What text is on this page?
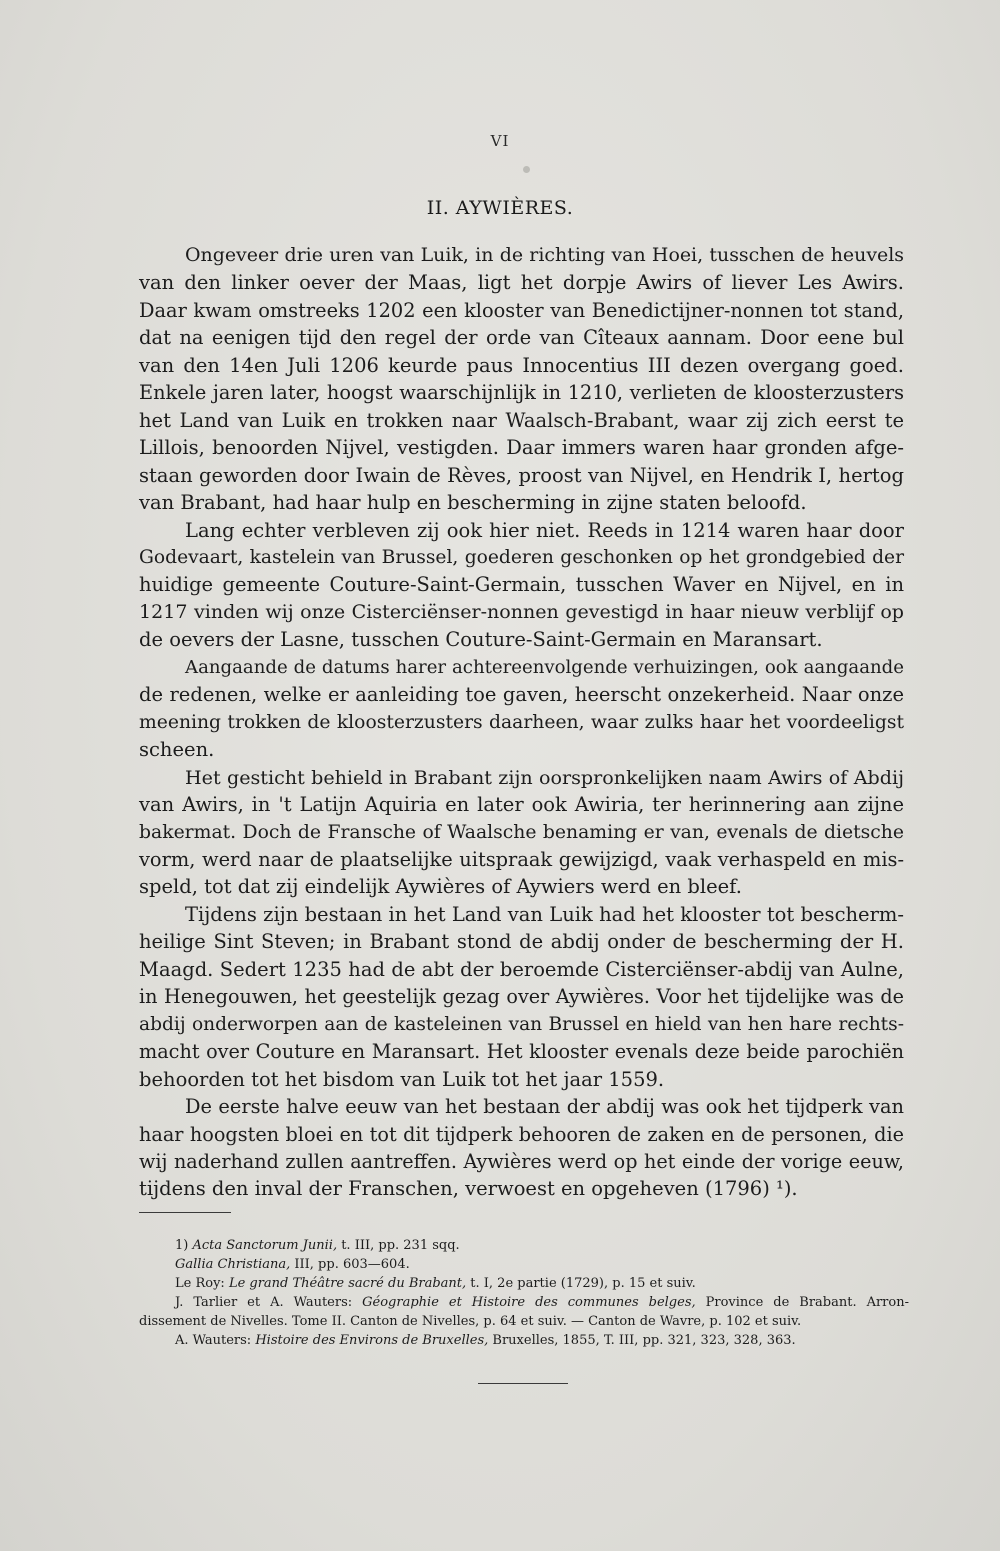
VI
II. AYWIÈRES.
Ongeveer drie uren van Luik, in de richting van Hoei, tusschen de heuvels
van den linker oever der Maas, ligt het dorpje Awirs of liever Les Awirs.
Daar kwam omstreeks 1202 een klooster van Benedictijner-nonnen tot stand,
dat na eenigen tijd den regel der orde van Cîteaux aannam. Door eene bul
van den 14en Juli 1206 keurde paus Innocentius III dezen overgang goed.
Enkele jaren later, hoogst waarschijnlijk in 1210, verlieten de kloosterzusters
het Land van Luik en trokken naar Waalsch-Brabant, waar zij zich eerst te
Lillois, benoorden Nijvel, vestigden. Daar immers waren haar gronden afge-
staan geworden door Iwain de Rèves, proost van Nijvel, en Hendrik I, hertog
van Brabant, had haar hulp en bescherming in zijne staten beloofd.
Lang echter verbleven zij ook hier niet. Reeds in 1214 waren haar door
Godevaart, kastelein van Brussel, goederen geschonken op het grondgebied der
huidige gemeente Couture-Saint-Germain, tusschen Waver en Nijvel, en in
1217 vinden wij onze Cisterciënser-nonnen gevestigd in haar nieuw verblijf op
de oevers der Lasne, tusschen Couture-Saint-Germain en Maransart.
Aangaande de datums harer achtereenvolgende verhuizingen, ook aangaande
de redenen, welke er aanleiding toe gaven, heerscht onzekerheid. Naar onze
meening trokken de kloosterzusters daarheen, waar zulks haar het voordeeligst
scheen.
Het gesticht behield in Brabant zijn oorspronkelijken naam Awirs of Abdij
van Awirs, in 't Latijn Aquiria en later ook Awiria, ter herinnering aan zijne
bakermat. Doch de Fransche of Waalsche benaming er van, evenals de dietsche
vorm, werd naar de plaatselijke uitspraak gewijzigd, vaak verhaspeld en mis-
speld, tot dat zij eindelijk Aywières of Aywiers werd en bleef.
Tijdens zijn bestaan in het Land van Luik had het klooster tot bescherm-
heilige Sint Steven; in Brabant stond de abdij onder de bescherming der H.
Maagd. Sedert 1235 had de abt der beroemde Cisterciënser-abdij van Aulne,
in Henegouwen, het geestelijk gezag over Aywières. Voor het tijdelijke was de
abdij onderworpen aan de kasteleinen van Brussel en hield van hen hare rechts-
macht over Couture en Maransart. Het klooster evenals deze beide parochiën
behoorden tot het bisdom van Luik tot het jaar 1559.
De eerste halve eeuw van het bestaan der abdij was ook het tijdperk van
haar hoogsten bloei en tot dit tijdperk behooren de zaken en de personen, die
wij naderhand zullen aantreffen. Aywières werd op het einde der vorige eeuw,
tijdens den inval der Franschen, verwoest en opgeheven (1796) ¹).
1) Acta Sanctorum Junii, t. III, pp. 231 sqq.
Gallia Christiana, III, pp. 603—604.
Le Roy: Le grand Théâtre sacré du Brabant, t. I, 2e partie (1729), p. 15 et suiv.
J. Tarlier et A. Wauters: Géographie et Histoire des communes belges, Province de Brabant. Arron-
dissement de Nivelles. Tome II. Canton de Nivelles, p. 64 et suiv. — Canton de Wavre, p. 102 et suiv.
A. Wauters: Histoire des Environs de Bruxelles, Bruxelles, 1855, T. III, pp. 321, 323, 328, 363.
